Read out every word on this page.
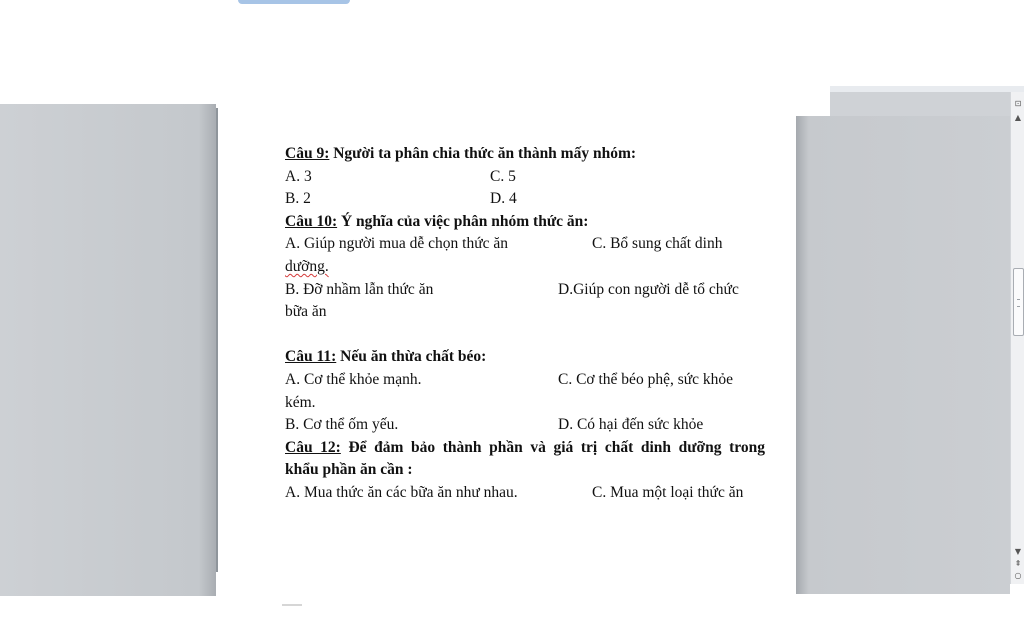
Câu 9: Người ta phân chia thức ăn thành mấy nhóm:
A. 3	C. 5
B. 2	D. 4
Câu 10: Ý nghĩa của việc phân nhóm thức ăn:
A. Giúp người mua dễ chọn thức ăn	C. Bổ sung chất dinh
dưỡng.
B. Đỡ nhầm lẫn thức ăn	D.Giúp con người dễ tổ chức
bữa ăn
Câu 11: Nếu ăn thừa chất béo:
A. Cơ thể khỏe mạnh.	C. Cơ thể béo phệ, sức khỏe
kém.
B. Cơ thể ốm yếu.	D. Có hại đến sức khỏe
Câu 12: Để đảm bảo thành phần và giá trị chất dinh dưỡng trong
khẩu phần ăn cần :
A. Mua thức ăn các bữa ăn như nhau.	C. Mua một loại thức ăn
⊡
▲
▼
⇞
○
